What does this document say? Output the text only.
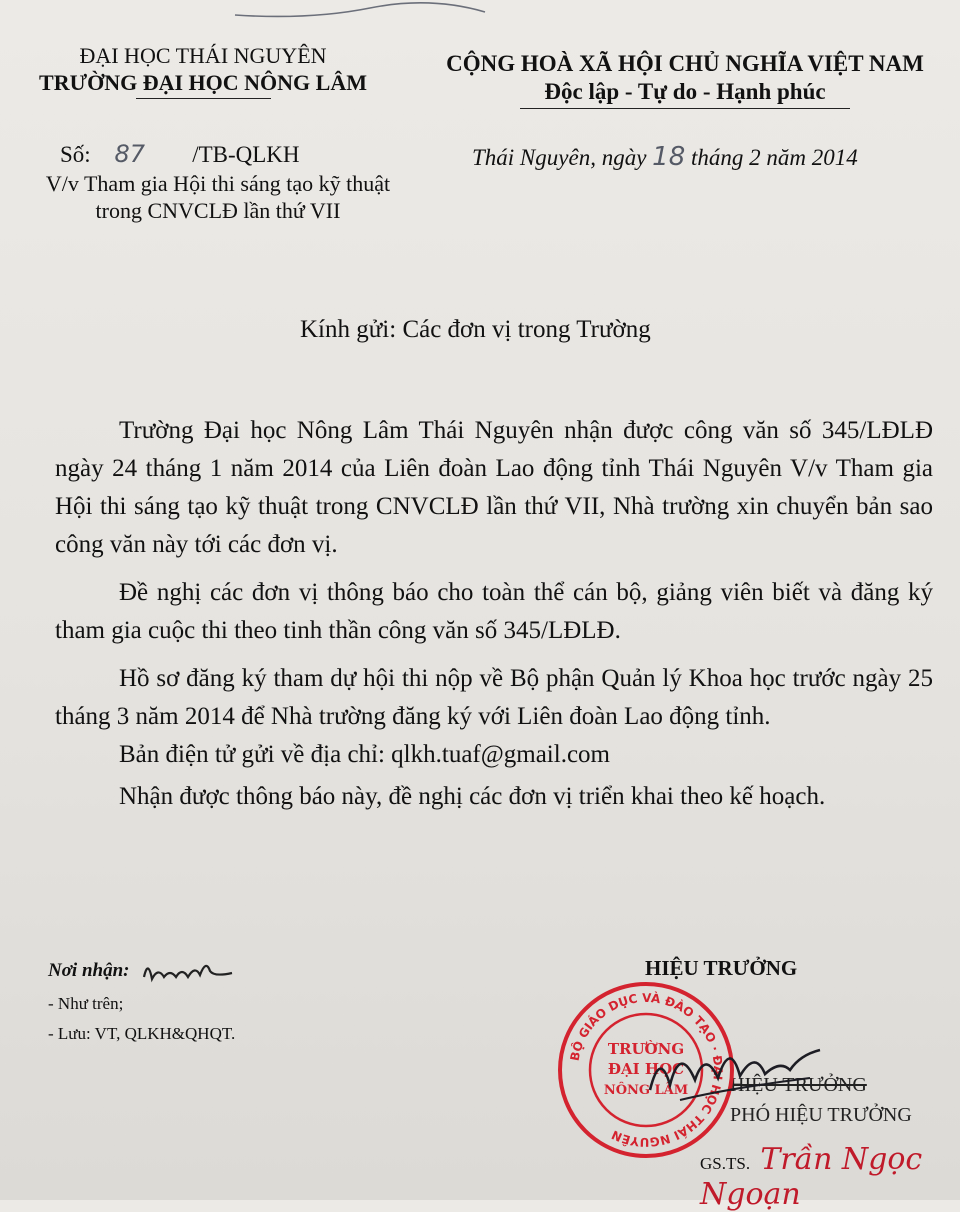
ĐẠI HỌC THÁI NGUYÊN
TRƯỜNG ĐẠI HỌC NÔNG LÂM
CỘNG HOÀ XÃ HỘI CHỦ NGHĨA VIỆT NAM
Độc lập - Tự do - Hạnh phúc
Số: 87 /TB-QLKH
V/v Tham gia Hội thi sáng tạo kỹ thuật
trong CNVCLĐ lần thứ VII
Thái Nguyên, ngày 18 tháng 2 năm 2014
Kính gửi: Các đơn vị trong Trường

Trường Đại học Nông Lâm Thái Nguyên nhận được công văn số 345/LĐLĐ ngày 24 tháng 1 năm 2014 của Liên đoàn Lao động tỉnh Thái Nguyên V/v Tham gia Hội thi sáng tạo kỹ thuật trong CNVCLĐ lần thứ VII, Nhà trường xin chuyển bản sao công văn này tới các đơn vị.

Đề nghị các đơn vị thông báo cho toàn thể cán bộ, giảng viên biết và đăng ký tham gia cuộc thi theo tinh thần công văn số 345/LĐLĐ.

Hồ sơ đăng ký tham dự hội thi nộp về Bộ phận Quản lý Khoa học trước ngày 25 tháng 3 năm 2014 để Nhà trường đăng ký với Liên đoàn Lao động tỉnh.

Bản điện tử gửi về địa chỉ: qlkh.tuaf@gmail.com

Nhận được thông báo này, đề nghị các đơn vị triển khai theo kế hoạch.

Nơi nhận:
- Như trên;
- Lưu: VT, QLKH&QHQT.
HIỆU TRƯỞNG
HIỆU TRƯỞNG
PHÓ HIỆU TRƯỞNG
BỘ GIÁO DỤC VÀ ĐÀO TẠO · ĐẠI HỌC THÁI NGUYÊN
TRƯỜNG
ĐẠI HỌC
NÔNG LÂM
GS.TS. Trần Ngọc Ngoạn
